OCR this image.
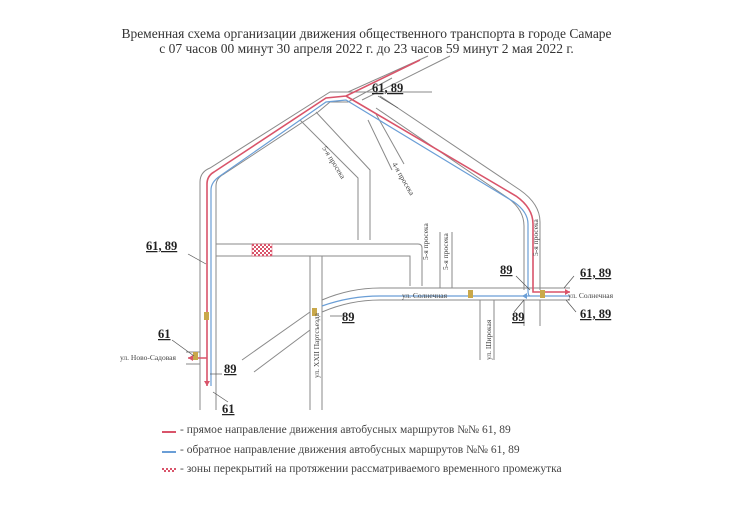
Временная схема организации движения общественного транспорта в городе Самаре
с 07 часов 00 минут 30 апреля 2022 г. до 23 часов 59 минут 2 мая 2022 г.
61, 89
61, 89
61, 89
61, 89
61
61
89
89
89
89
ул. Ново-Садовая
ул. Солнечная	ул. Солнечная
ул. XXII Партсъезда	ул. Широкая
5-я просека
5-я просека 5-я просека	5-я просека
4-я просека
- прямое направление движения автобусных маршрутов №№ 61, 89
- обратное направление движения автобусных маршрутов №№ 61, 89
- зоны перекрытий на протяжении рассматриваемого временного промежутка
